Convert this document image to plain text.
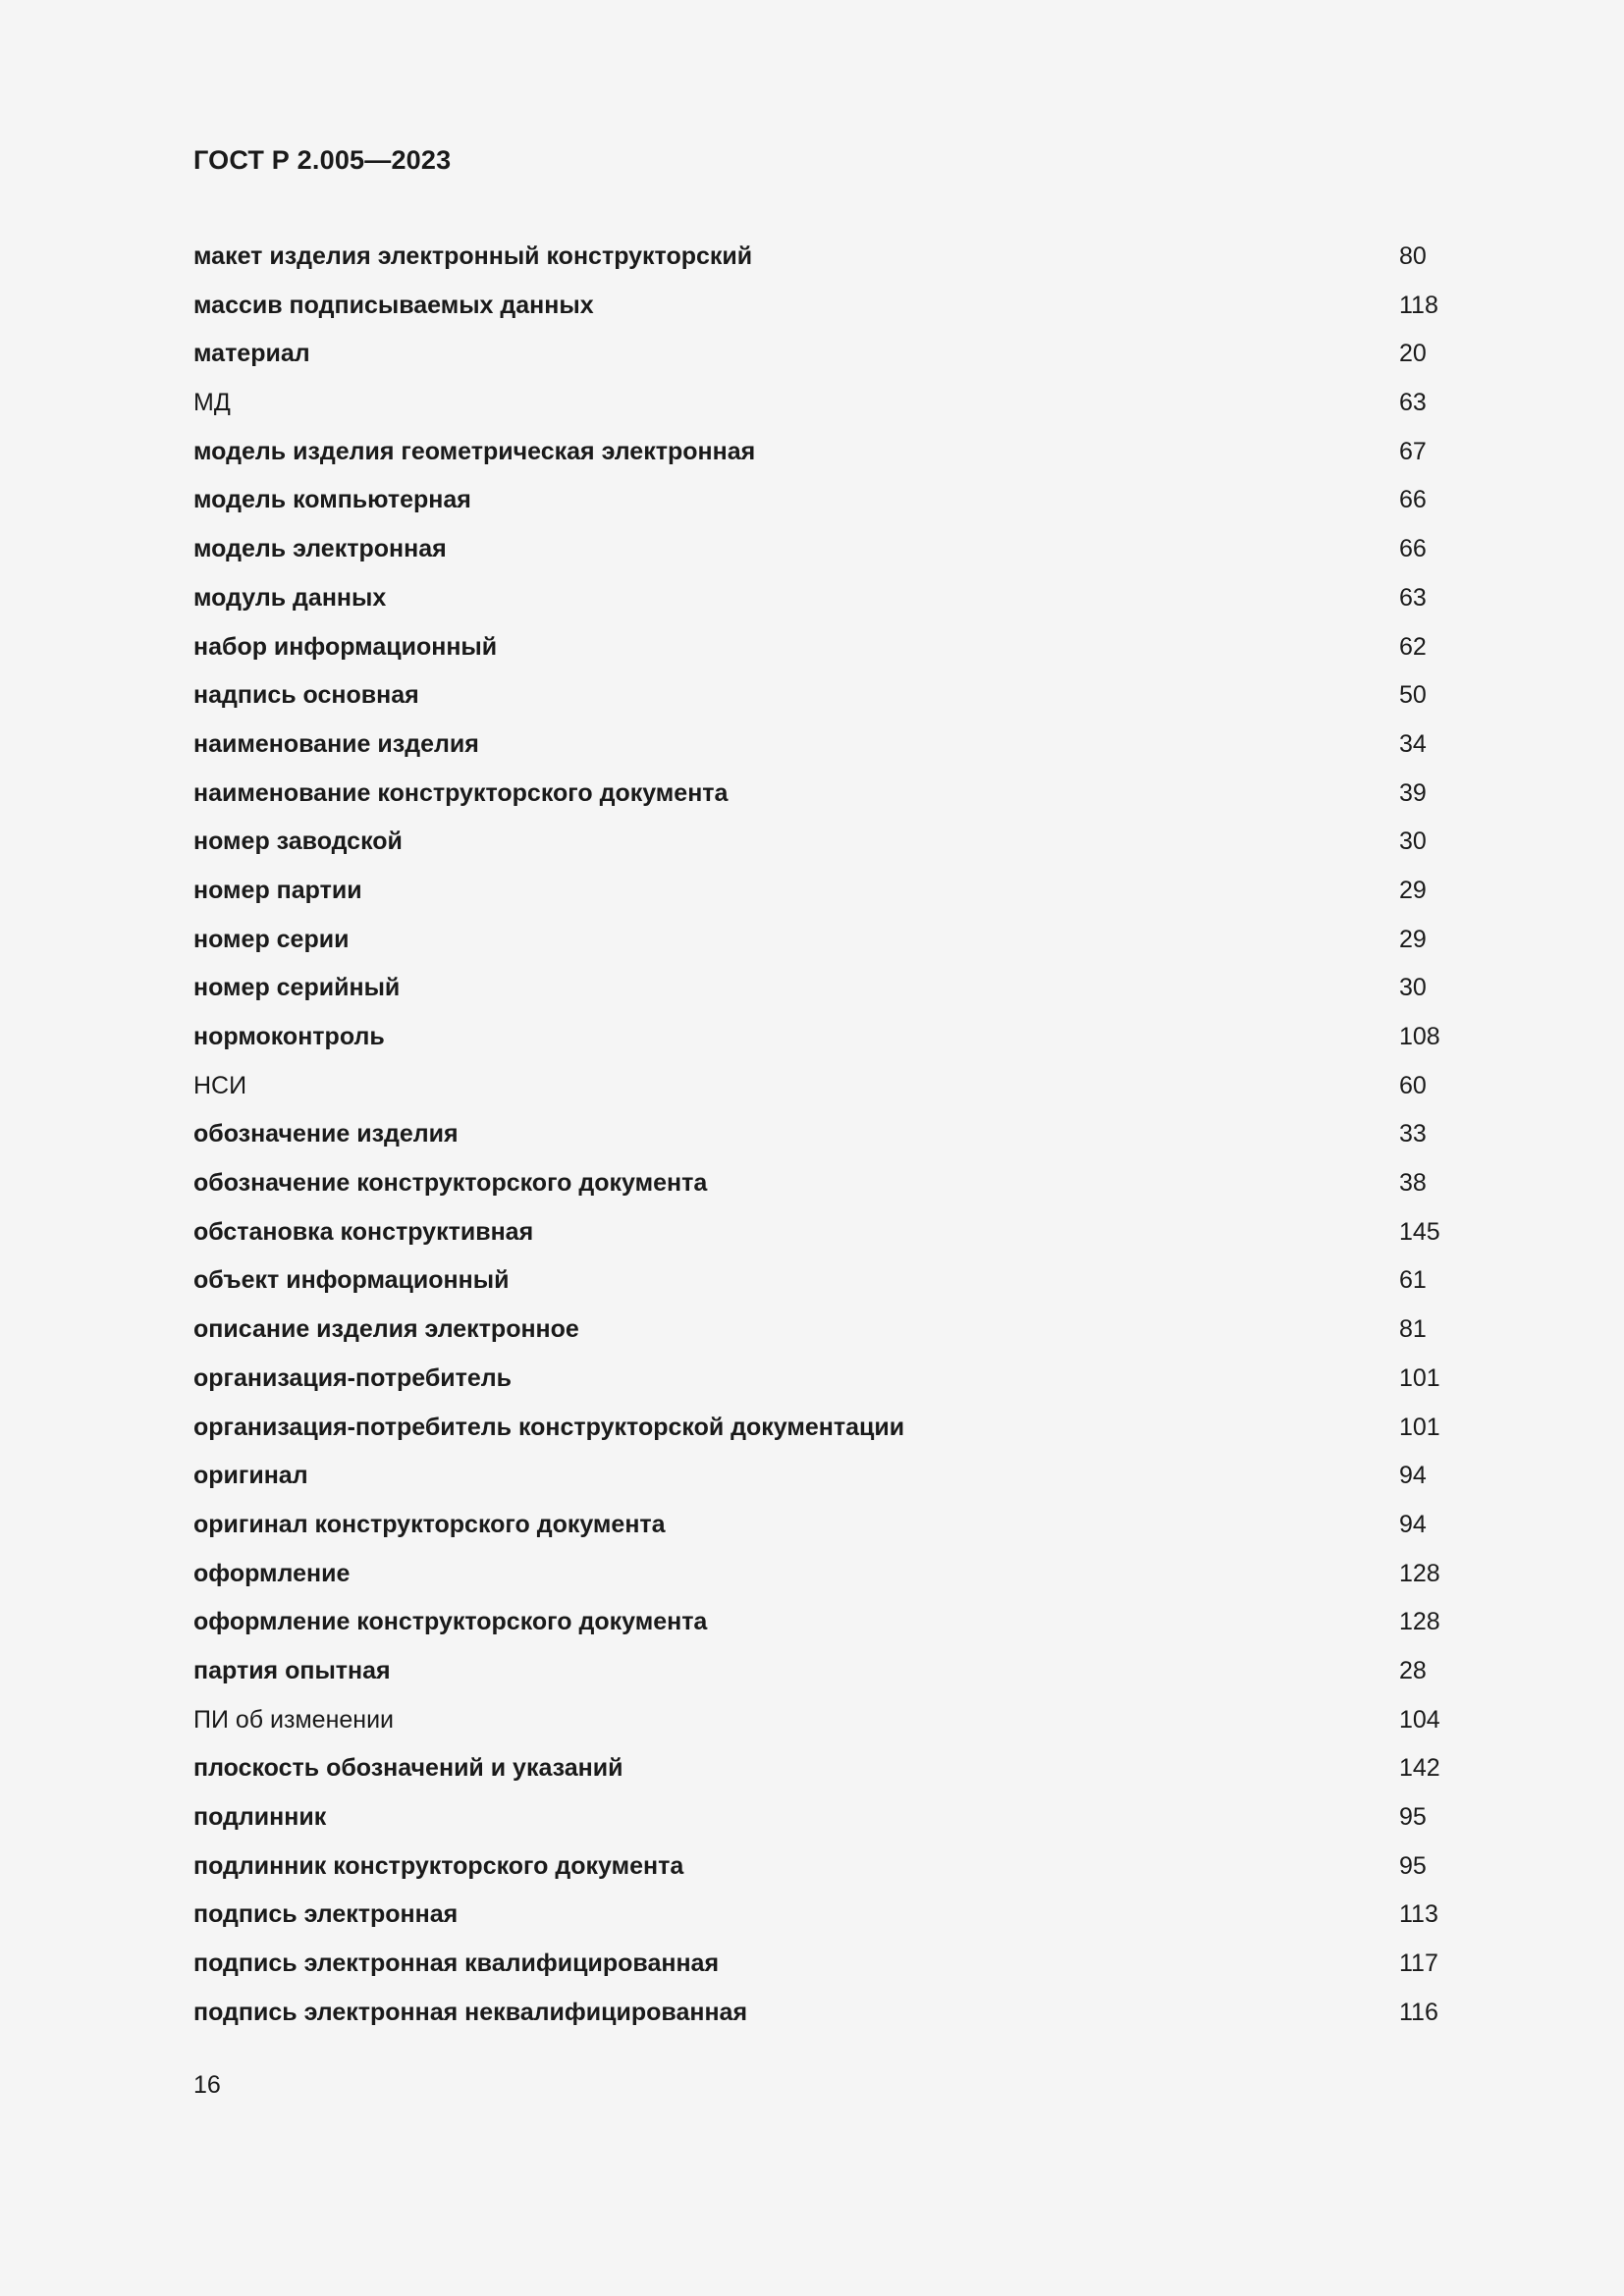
ГОСТ Р 2.005—2023
макет изделия электронный конструкторский	80
массив подписываемых данных	118
материал	20
МД	63
модель изделия геометрическая электронная	67
модель компьютерная	66
модель электронная	66
модуль данных	63
набор информационный	62
надпись основная	50
наименование изделия	34
наименование конструкторского документа	39
номер заводской	30
номер партии	29
номер серии	29
номер серийный	30
нормоконтроль	108
НСИ	60
обозначение изделия	33
обозначение конструкторского документа	38
обстановка конструктивная	145
объект информационный	61
описание изделия электронное	81
организация-потребитель	101
организация-потребитель конструкторской документации	101
оригинал	94
оригинал конструкторского документа	94
оформление	128
оформление конструкторского документа	128
партия опытная	28
ПИ об изменении	104
плоскость обозначений и указаний	142
подлинник	95
подлинник конструкторского документа	95
подпись электронная	113
подпись электронная квалифицированная	117
подпись электронная неквалифицированная	116
16
